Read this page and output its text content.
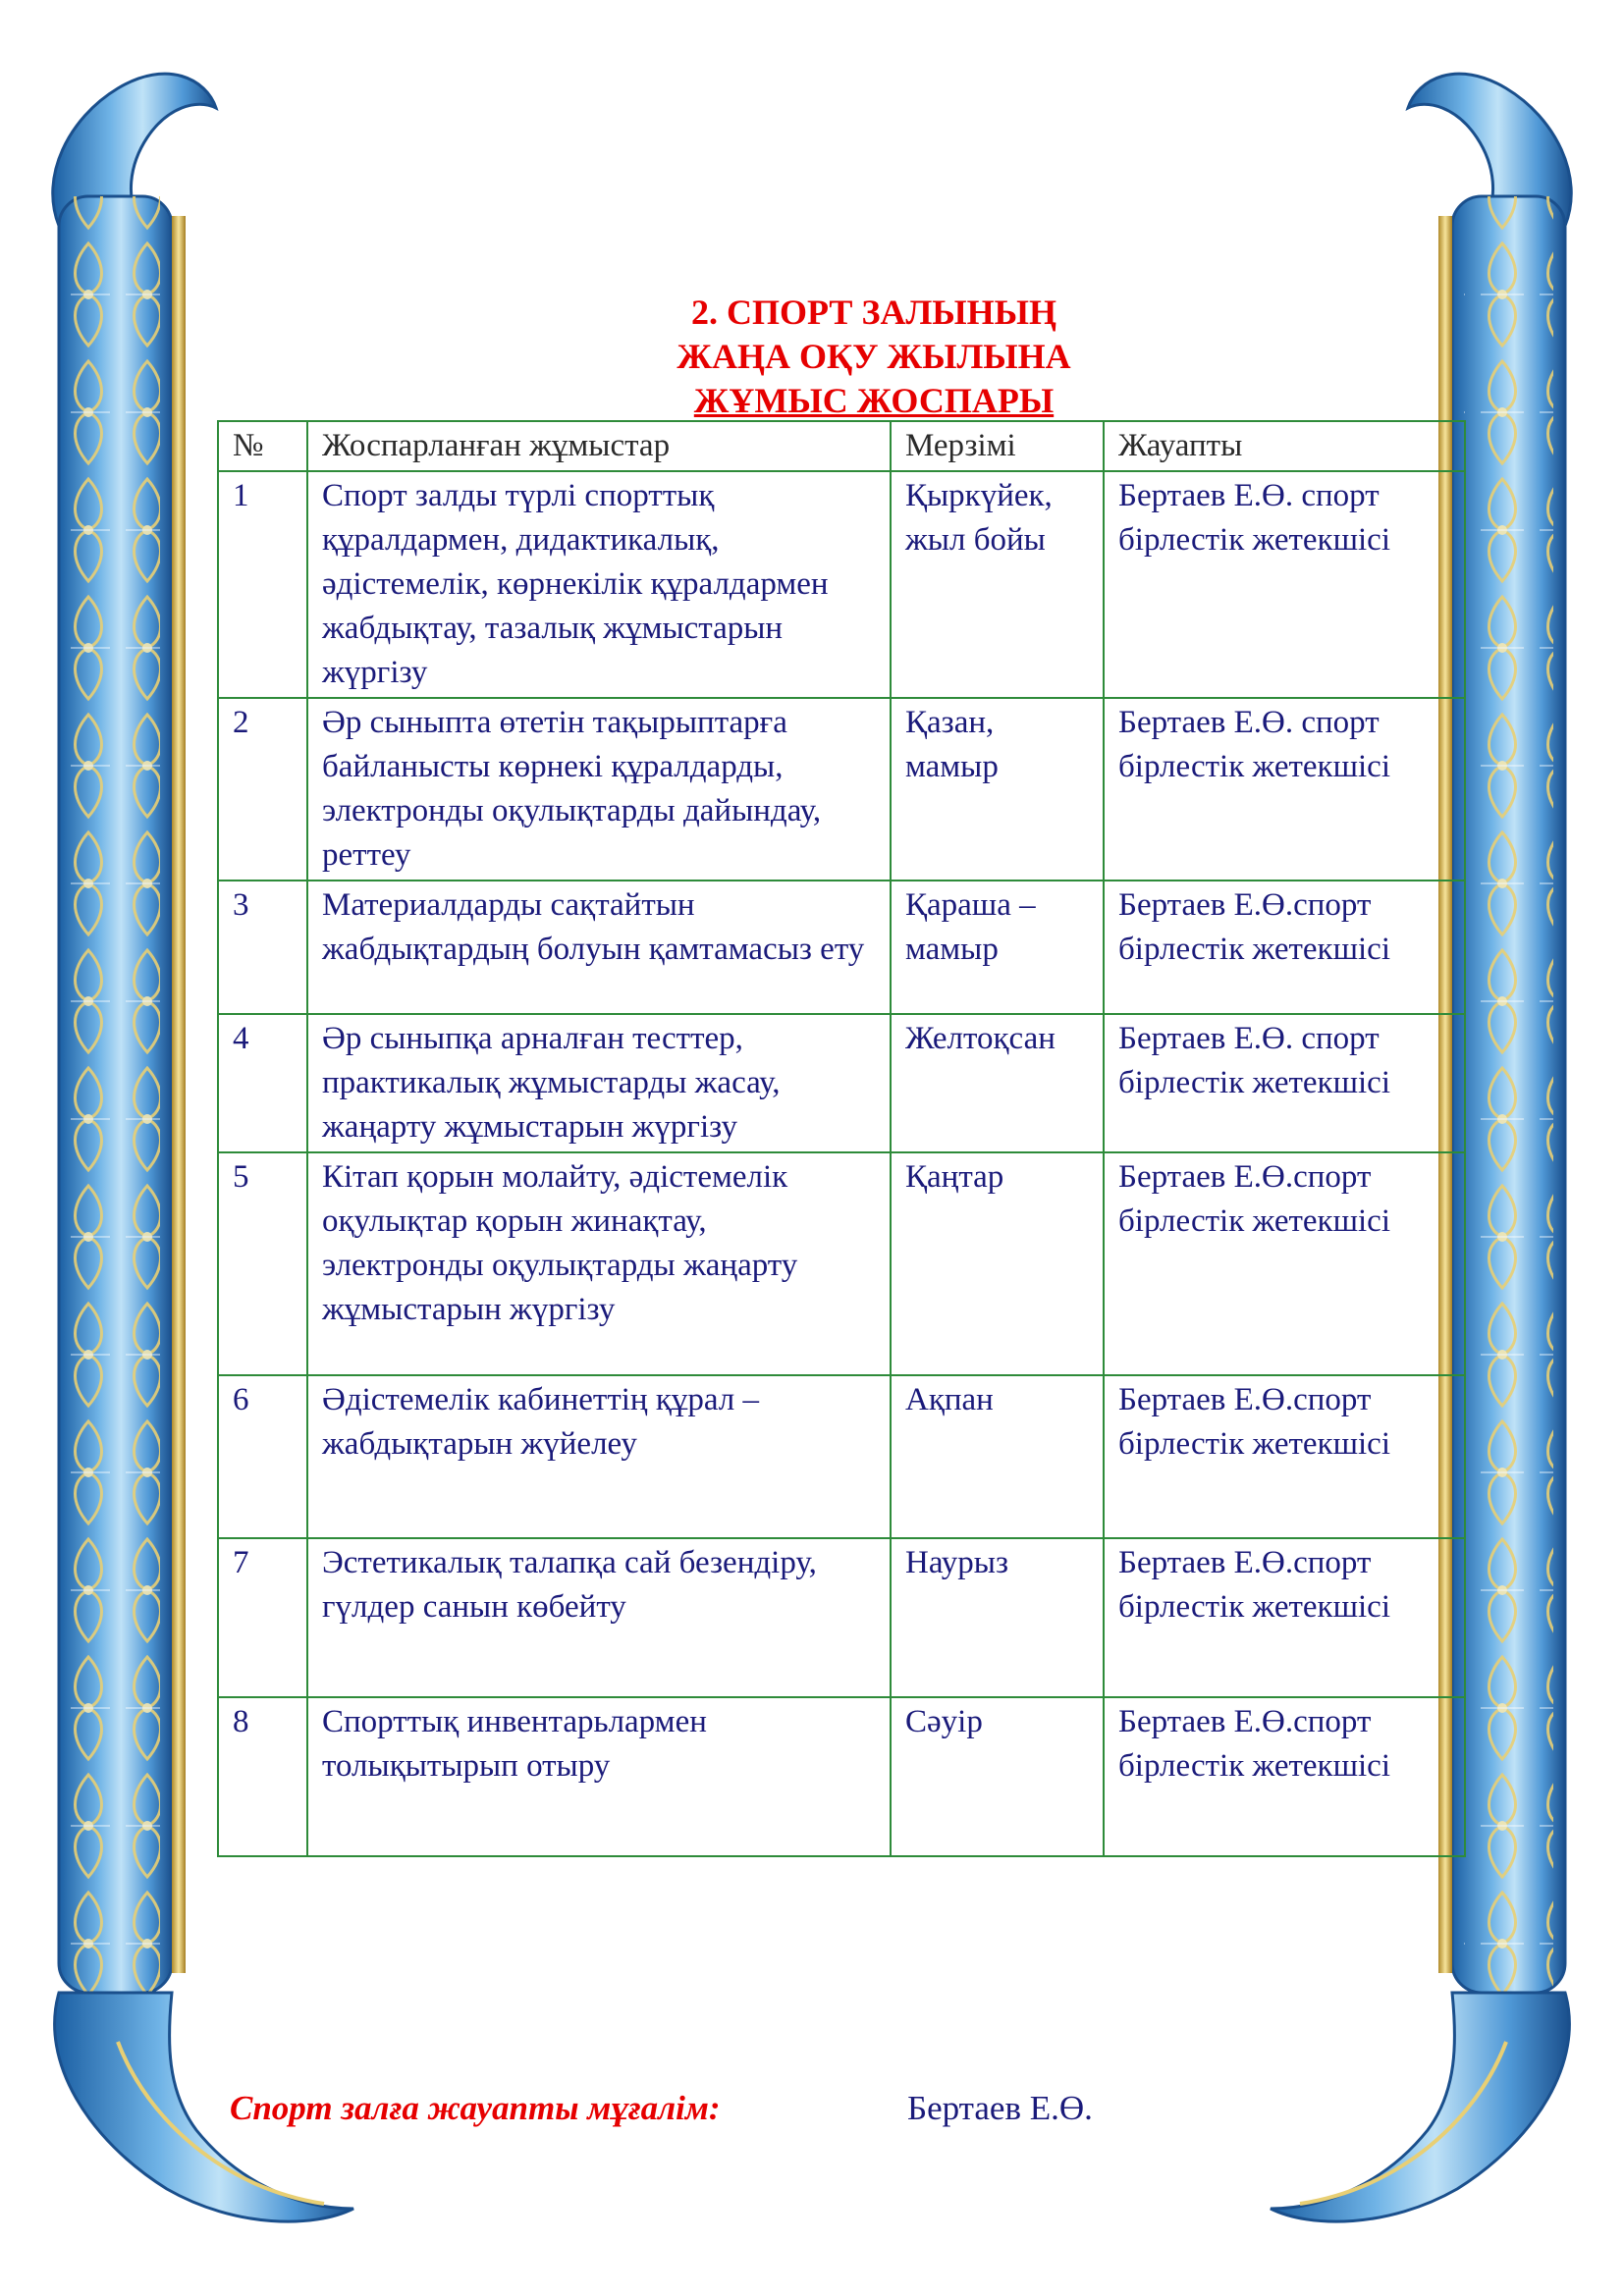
2. СПОРТ ЗАЛЫНЫҢ
ЖАҢА ОҚУ ЖЫЛЫНА
ЖҰМЫС ЖОСПАРЫ
№	Жоспарланған жұмыстар	Мерзімі	Жауапты
1	Спорт залды түрлі спорттық құралдармен, дидактикалық, әдістемелік, көрнекілік құралдармен жабдықтау, тазалық жұмыстарын жүргізу	Қыркүйек, жыл бойы	Бертаев Е.Ө. спорт бірлестік жетекшісі
2	Әр сыныпта өтетін тақырыптарға байланысты көрнекі құралдарды, электронды оқулықтарды дайындау, реттеу	Қазан, мамыр	Бертаев Е.Ө. спорт бірлестік жетекшісі
3	Материалдарды сақтайтын жабдықтардың болуын қамтамасыз ету	Қараша – мамыр	Бертаев Е.Ө.спорт бірлестік жетекшісі
4	Әр сыныпқа арналған тесттер, практикалық жұмыстарды жасау, жаңарту жұмыстарын жүргізу	Желтоқсан	Бертаев Е.Ө. спорт бірлестік жетекшісі
5	Кітап қорын молайту, әдістемелік оқулықтар қорын жинақтау, электронды оқулықтарды жаңарту жұмыстарын жүргізу	Қаңтар	Бертаев Е.Ө.спорт бірлестік жетекшісі
6	Әдістемелік кабинеттің құрал – жабдықтарын жүйелеу	Ақпан	Бертаев Е.Ө.спорт бірлестік жетекшісі
7	Эстетикалық талапқа сай безендіру, гүлдер санын көбейту	Наурыз	Бертаев Е.Ө.спорт бірлестік жетекшісі
8	Спорттық инвентарьлармен толықытырып отыру	Сәуір	Бертаев Е.Ө.спорт бірлестік жетекшісі
Спорт залға жауапты мұғалім:	Бертаев Е.Ө.
